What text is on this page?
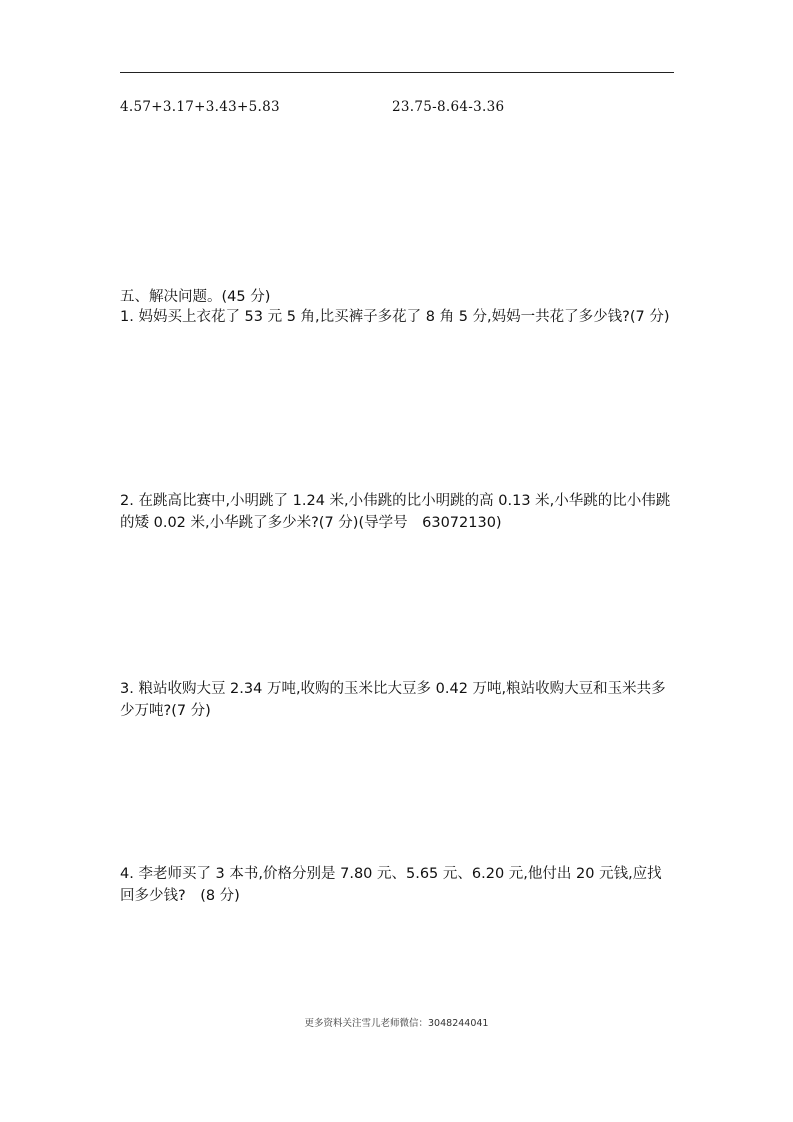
4.57+3.17+3.43+5.83	23.75-8.64-3.36
五、解决问题。(45 分)
1. 妈妈买上衣花了 53 元 5 角,比买裤子多花了 8 角 5 分,妈妈一共花了多少钱?(7 分)
2. 在跳高比赛中,小明跳了 1.24 米,小伟跳的比小明跳的高 0.13 米,小华跳的比小伟跳的矮 0.02 米,小华跳了多少米?(7 分)(导学号　63072130)
3. 粮站收购大豆 2.34 万吨,收购的玉米比大豆多 0.42 万吨,粮站收购大豆和玉米共多少万吨?(7 分)
4. 李老师买了 3 本书,价格分别是 7.80 元、5.65 元、6.20 元,他付出 20 元钱,应找回多少钱?　(8 分)
更多资料关注雪儿老师微信：3048244041
